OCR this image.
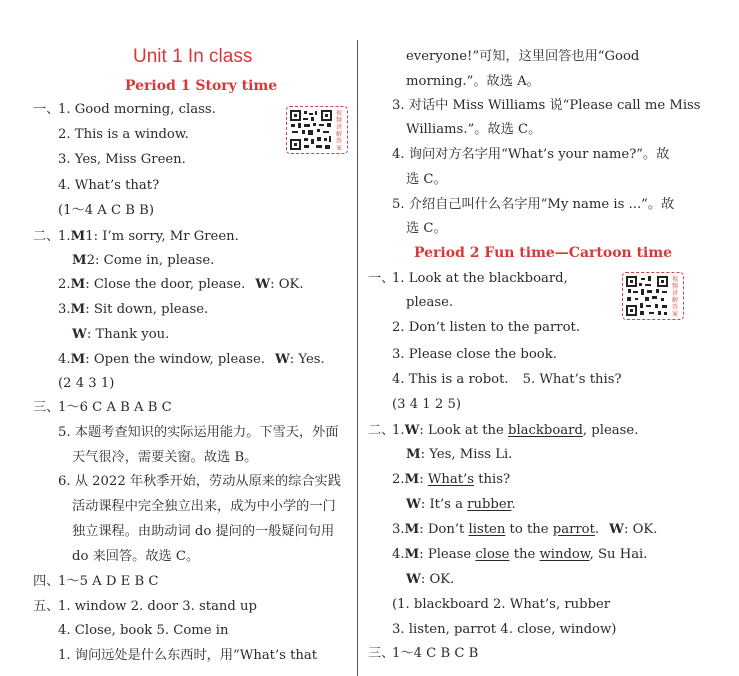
Unit 1 In class
Period 1 Story time
视频讲解答案
一、
1. Good morning, class.
2. This is a window.
3. Yes, Miss Green.
4. What’s that?
(1～4 A C B B)
二、
1.M1: I’m sorry, Mr Green.
M2: Come in, please.
2.M: Close the door, please. W: OK.
3.M: Sit down, please.
W: Thank you.
4.M: Open the window, please. W: Yes.
(2 4 3 1)
三、
1～6 C A B A B C
5. 本题考查知识的实际运用能力。下雪天，外面
天气很冷，需要关窗。故选 B。
6. 从 2022 年秋季开始，劳动从原来的综合实践
活动课程中完全独立出来，成为中小学的一门
独立课程。由助动词 do 提问的一般疑问句用
do 来回答。故选 C。
四、
1～5 A D E B C
五、
1. window 2. door 3. stand up
4. Close, book 5. Come in
1. 询问远处是什么东西时，用“What’s that
everyone!”可知，这里回答也用“Good
morning.”。故选 A。
3. 对话中 Miss Williams 说“Please call me Miss
Williams.”。故选 C。
4. 询问对方名字用“What’s your name?”。故
选 C。
5. 介绍自己叫什么名字用“My name is ...”。故
选 C。
Period 2 Fun time—Cartoon time
视频讲解答案
一、
1. Look at the blackboard,
please.
2. Don’t listen to the parrot.
3. Please close the book.
4. This is a robot. 5. What’s this?
(3 4 1 2 5)
二、
1.W: Look at the blackboard, please.
M: Yes, Miss Li.
2.M: What’s this?
W: It’s a rubber.
3.M: Don’t listen to the parrot. W: OK.
4.M: Please close the window, Su Hai.
W: OK.
(1. blackboard 2. What’s, rubber
3. listen, parrot 4. close, window)
三、
1～4 C B C B
